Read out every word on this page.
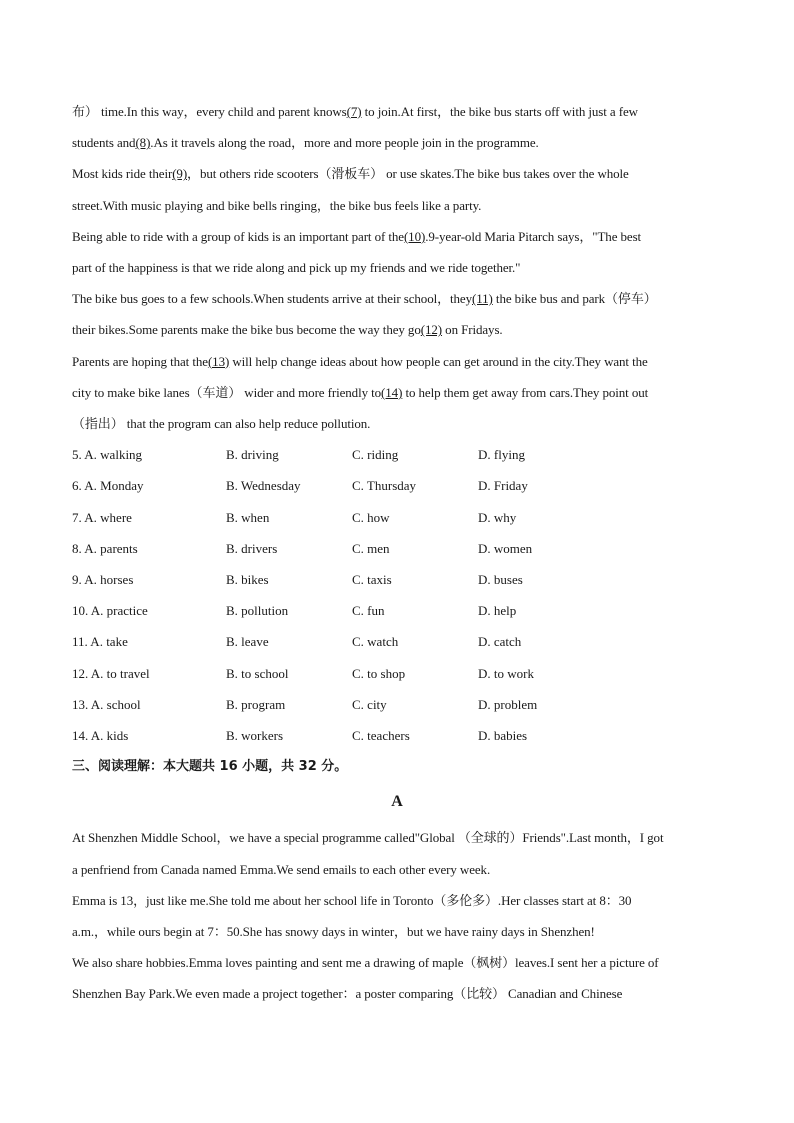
布） time.In this way，every child and parent knows(7) to join.At first，the bike bus starts off with just a few
students and(8).As it travels along the road，more and more people join in the programme.
Most kids ride their(9)，but others ride scooters（滑板车） or use skates.The bike bus takes over the whole
street.With music playing and bike bells ringing，the bike bus feels like a party.
Being able to ride with a group of kids is an important part of the(10).9-year-old Maria Pitarch says，"The best
part of the happiness is that we ride along and pick up my friends and we ride together."
The bike bus goes to a few schools.When students arrive at their school，they(11) the bike bus and park（停车）
their bikes.Some parents make the bike bus become the way they go(12) on Fridays.
Parents are hoping that the(13) will help change ideas about how people can get around in the city.They want the
city to make bike lanes（车道） wider and more friendly to(14) to help them get away from cars.They point out
（指出） that the program can also help reduce pollution.
5. A. walking	B. driving	C. riding	D. flying
6. A. Monday	B. Wednesday	C. Thursday	D. Friday
7. A. where	B. when	C. how	D. why
8. A. parents	B. drivers	C. men	D. women
9. A. horses	B. bikes	C. taxis	D. buses
10. A. practice	B. pollution	C. fun	D. help
11. A. take	B. leave	C. watch	D. catch
12. A. to travel	B. to school	C. to shop	D. to work
13. A. school	B. program	C. city	D. problem
14. A. kids	B. workers	C. teachers	D. babies
三、阅读理解：本大题共 16 小题，共 32 分。
A
At Shenzhen Middle School，we have a special programme called"Global （全球的）Friends".Last month，I got
a penfriend from Canada named Emma.We send emails to each other every week.
Emma is 13，just like me.She told me about her school life in Toronto（多伦多）.Her classes start at 8：30
a.m.，while ours begin at 7：50.She has snowy days in winter，but we have rainy days in Shenzhen!
We also share hobbies.Emma loves painting and sent me a drawing of maple（枫树）leaves.I sent her a picture of
Shenzhen Bay Park.We even made a project together：a poster comparing（比较） Canadian and Chinese
